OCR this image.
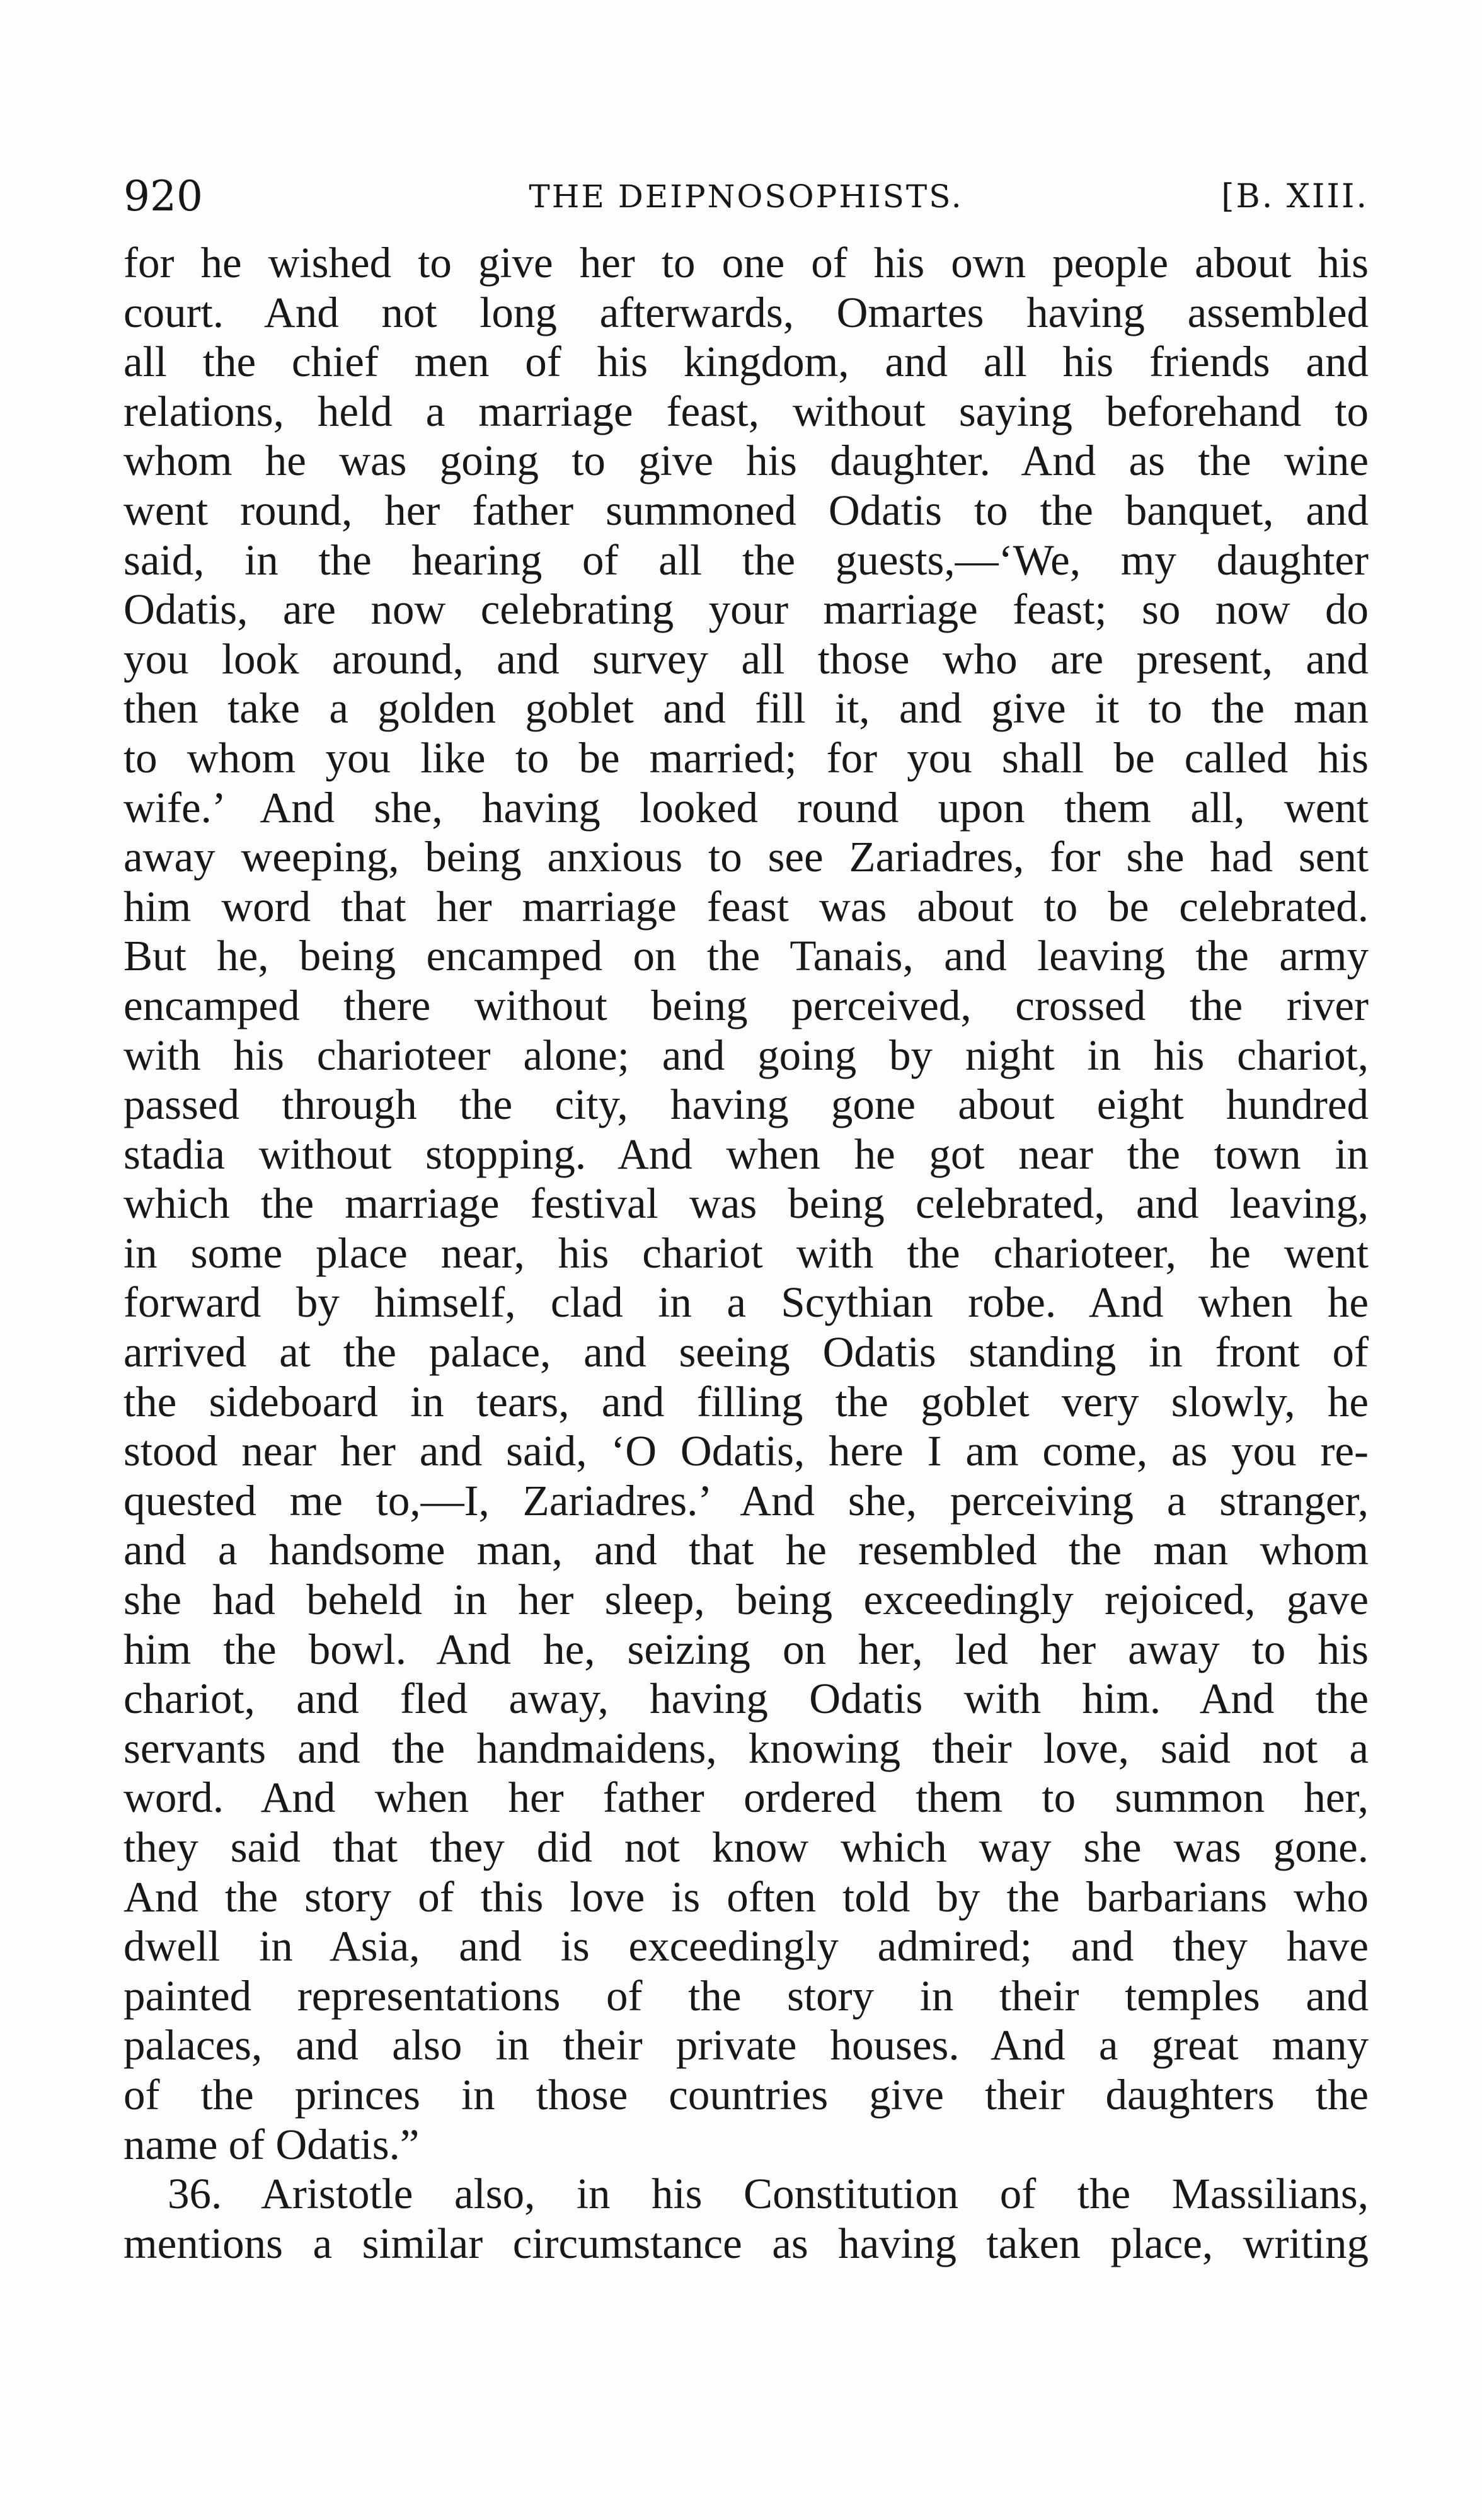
920	THE DEIPNOSOPHISTS.	[B. XIII.
for he wished to give her to one of his own people about his
court. And not long afterwards, Omartes having assembled
all the chief men of his kingdom, and all his friends and
relations, held a marriage feast, without saying beforehand to
whom he was going to give his daughter. And as the wine
went round, her father summoned Odatis to the banquet, and
said, in the hearing of all the guests,—‘We, my daughter
Odatis, are now celebrating your marriage feast; so now do
you look around, and survey all those who are present, and
then take a golden goblet and fill it, and give it to the man
to whom you like to be married; for you shall be called his
wife.’ And she, having looked round upon them all, went
away weeping, being anxious to see Zariadres, for she had sent
him word that her marriage feast was about to be celebrated.
But he, being encamped on the Tanais, and leaving the army
encamped there without being perceived, crossed the river
with his charioteer alone; and going by night in his chariot,
passed through the city, having gone about eight hundred
stadia without stopping. And when he got near the town in
which the marriage festival was being celebrated, and leaving,
in some place near, his chariot with the charioteer, he went
forward by himself, clad in a Scythian robe. And when he
arrived at the palace, and seeing Odatis standing in front of
the sideboard in tears, and filling the goblet very slowly, he
stood near her and said, ‘O Odatis, here I am come, as you re-
quested me to,—I, Zariadres.’ And she, perceiving a stranger,
and a handsome man, and that he resembled the man whom
she had beheld in her sleep, being exceedingly rejoiced, gave
him the bowl. And he, seizing on her, led her away to his
chariot, and fled away, having Odatis with him. And the
servants and the handmaidens, knowing their love, said not a
word. And when her father ordered them to summon her,
they said that they did not know which way she was gone.
And the story of this love is often told by the barbarians who
dwell in Asia, and is exceedingly admired; and they have
painted representations of the story in their temples and
palaces, and also in their private houses. And a great many
of the princes in those countries give their daughters the
name of Odatis.”
36. Aristotle also, in his Constitution of the Massilians,
mentions a similar circumstance as having taken place, writing
